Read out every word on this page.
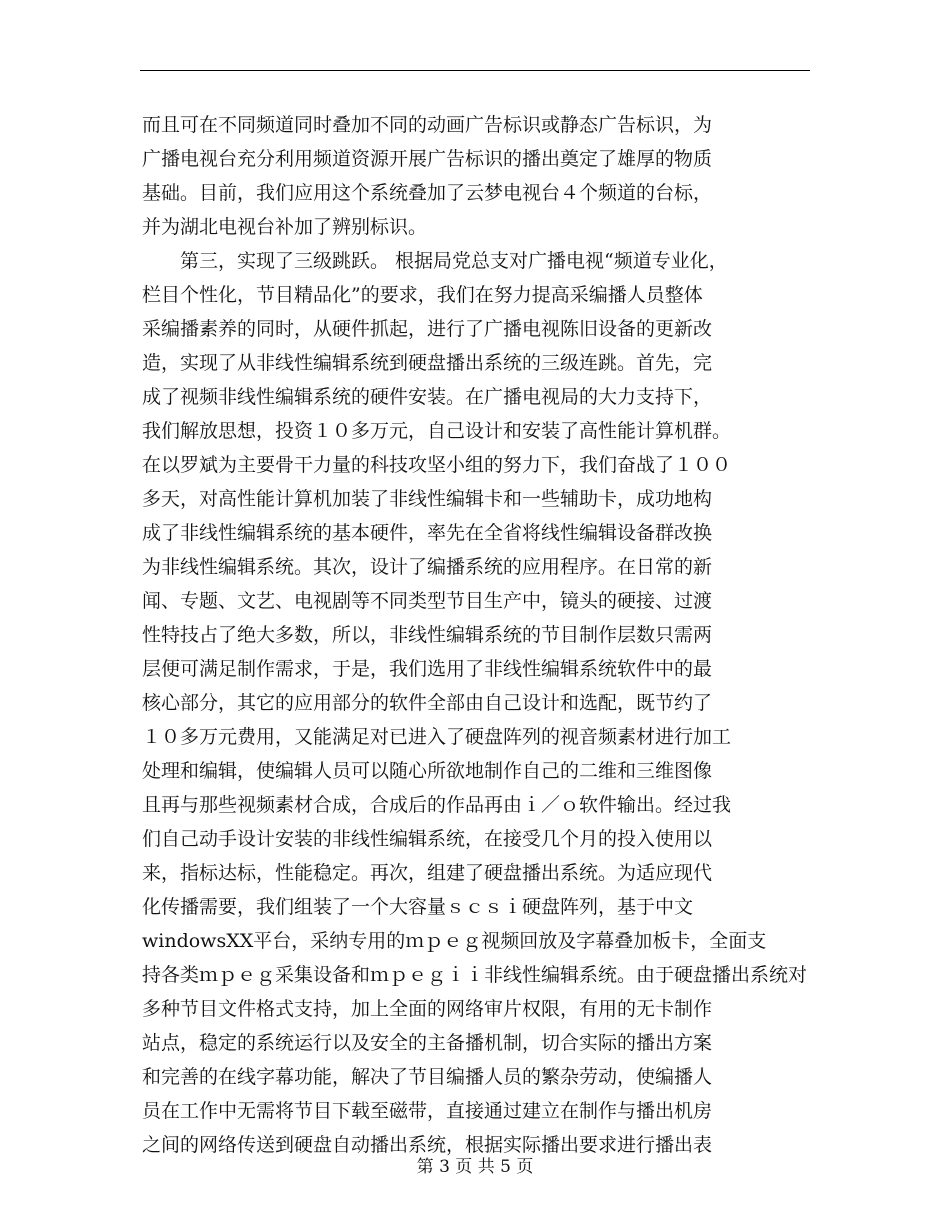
而且可在不同频道同时叠加不同的动画广告标识或静态广告标识，为
广播电视台充分利用频道资源开展广告标识的播出奠定了雄厚的物质
基础。目前，我们应用这个系统叠加了云梦电视台４个频道的台标，
并为湖北电视台补加了辨别标识。
　　第三，实现了三级跳跃。 根据局党总支对广播电视“频道专业化，
栏目个性化，节目精品化”的要求，我们在努力提高采编播人员整体
采编播素养的同时，从硬件抓起，进行了广播电视陈旧设备的更新改
造，实现了从非线性编辑系统到硬盘播出系统的三级连跳。首先，完
成了视频非线性编辑系统的硬件安装。在广播电视局的大力支持下，
我们解放思想，投资１０多万元，自己设计和安装了高性能计算机群。
在以罗斌为主要骨干力量的科技攻坚小组的努力下，我们奋战了１００
多天，对高性能计算机加装了非线性编辑卡和一些辅助卡，成功地构
成了非线性编辑系统的基本硬件，率先在全省将线性编辑设备群改换
为非线性编辑系统。其次，设计了编播系统的应用程序。在日常的新
闻、专题、文艺、电视剧等不同类型节目生产中，镜头的硬接、过渡
性特技占了绝大多数，所以，非线性编辑系统的节目制作层数只需两
层便可满足制作需求，于是，我们选用了非线性编辑系统软件中的最
核心部分，其它的应用部分的软件全部由自己设计和选配，既节约了
１０多万元费用，又能满足对已进入了硬盘阵列的视音频素材进行加工
处理和编辑，使编辑人员可以随心所欲地制作自己的二维和三维图像
且再与那些视频素材合成，合成后的作品再由ｉ／ｏ软件输出。经过我
们自己动手设计安装的非线性编辑系统，在接受几个月的投入使用以
来，指标达标，性能稳定。再次，组建了硬盘播出系统。为适应现代
化传播需要，我们组装了一个大容量ｓｃｓｉ硬盘阵列，基于中文
windowsXX平台，采纳专用的ｍｐｅｇ视频回放及字幕叠加板卡，全面支
持各类ｍｐｅｇ采集设备和ｍｐｅｇｉｉ非线性编辑系统。由于硬盘播出系统对
多种节目文件格式支持，加上全面的网络审片权限，有用的无卡制作
站点，稳定的系统运行以及安全的主备播机制，切合实际的播出方案
和完善的在线字幕功能，解决了节目编播人员的繁杂劳动，使编播人
员在工作中无需将节目下载至磁带，直接通过建立在制作与播出机房
之间的网络传送到硬盘自动播出系统，根据实际播出要求进行播出表
第 3 页 共 5 页
